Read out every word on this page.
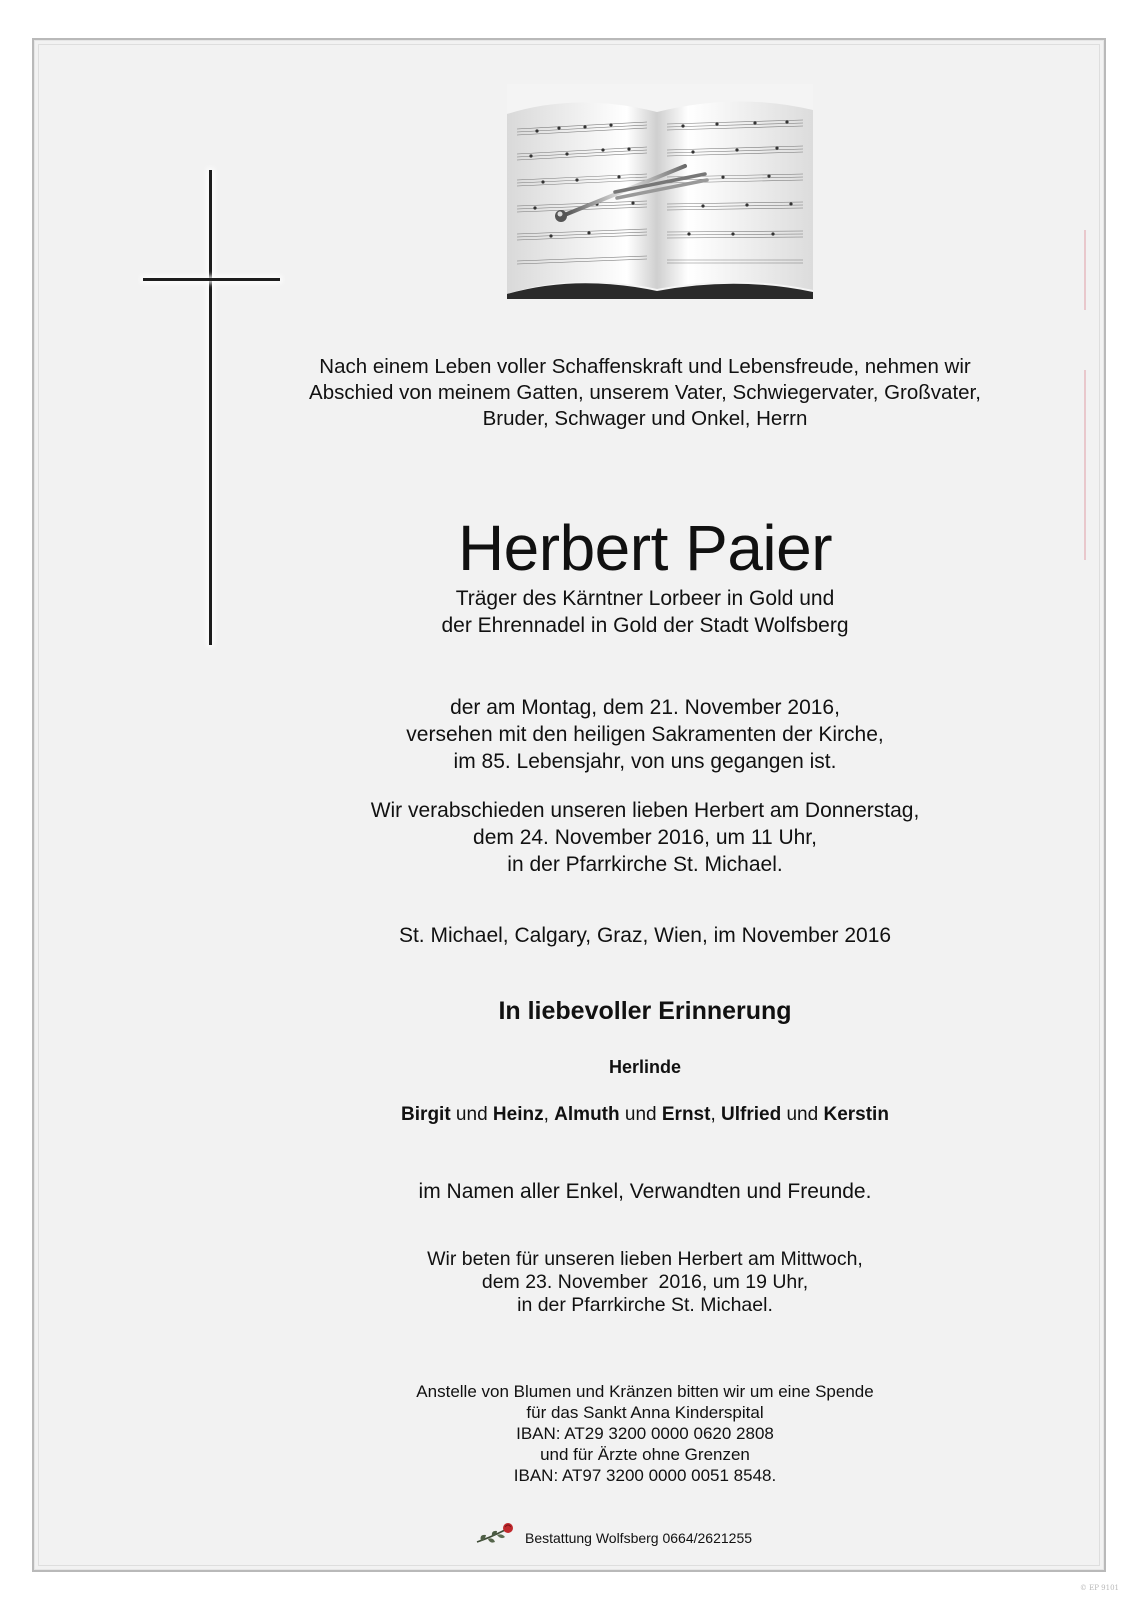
Nach einem Leben voller Schaffenskraft und Lebensfreude, nehmen wir
Abschied von meinem Gatten, unserem Vater, Schwiegervater, Großvater,
Bruder, Schwager und Onkel, Herrn

Herbert Paier

Träger des Kärntner Lorbeer in Gold und
der Ehrennadel in Gold der Stadt Wolfsberg

der am Montag, dem 21. November 2016,
versehen mit den heiligen Sakramenten der Kirche,
im 85. Lebensjahr, von uns gegangen ist.

Wir verabschieden unseren lieben Herbert am Donnerstag,
dem 24. November 2016, um 11 Uhr,
in der Pfarrkirche St. Michael.

St. Michael, Calgary, Graz, Wien, im November 2016

In liebevoller Erinnerung

Herlinde

Birgit und Heinz, Almuth und Ernst, Ulfried und Kerstin

im Namen aller Enkel, Verwandten und Freunde.

Wir beten für unseren lieben Herbert am Mittwoch,
dem 23. November  2016, um 19 Uhr,
in der Pfarrkirche St. Michael.

Anstelle von Blumen und Kränzen bitten wir um eine Spende
für das Sankt Anna Kinderspital
IBAN: AT29 3200 0000 0620 2808
und für Ärzte ohne Grenzen
IBAN: AT97 3200 0000 0051 8548.

Bestattung Wolfsberg 0664/2621255
© EP 9101
